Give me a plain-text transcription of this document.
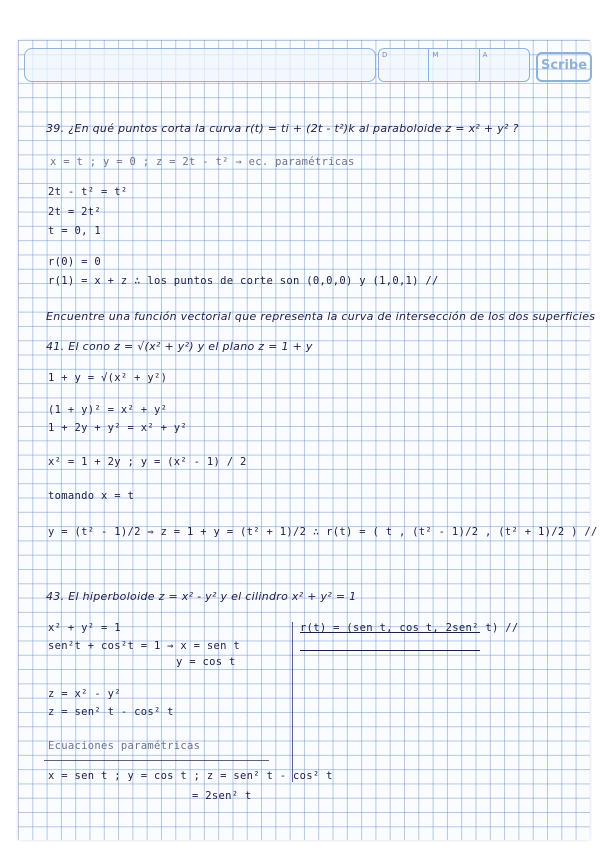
D	M	A
Scribe
39. ¿En qué puntos corta la curva r(t) = ti + (2t - t²)k al paraboloide z = x² + y² ?
x = t ; y = 0 ; z = 2t - t² → ec. paramétricas
2t - t² = t²
2t = 2t²
t = 0, 1
r(0) = 0
r(1) = x + z ∴ los puntos de corte son (0,0,0) y (1,0,1) //
Encuentre una función vectorial que representa la curva de intersección de los dos superficies
41. El cono z = √(x² + y²) y el plano z = 1 + y
1 + y = √(x² + y²)
(1 + y)² = x² + y²
1 + 2y + y² = x² + y²
x² = 1 + 2y ; y = (x² - 1) / 2
tomando x = t
y = (t² - 1)/2 ⇒ z = 1 + y = (t² + 1)/2 ∴ r(t) = ( t , (t² - 1)/2 , (t² + 1)/2 ) //
43. El hiperboloide z = x² - y² y el cilindro x² + y² = 1
x² + y² = 1	r(t) = (sen t, cos t, 2sen² t) //
sen²t + cos²t = 1 → x = sen t
y = cos t
z = x² - y²
z = sen² t - cos² t
Ecuaciones paramétricas
x = sen t ; y = cos t ; z = sen² t - cos² t
= 2sen² t
